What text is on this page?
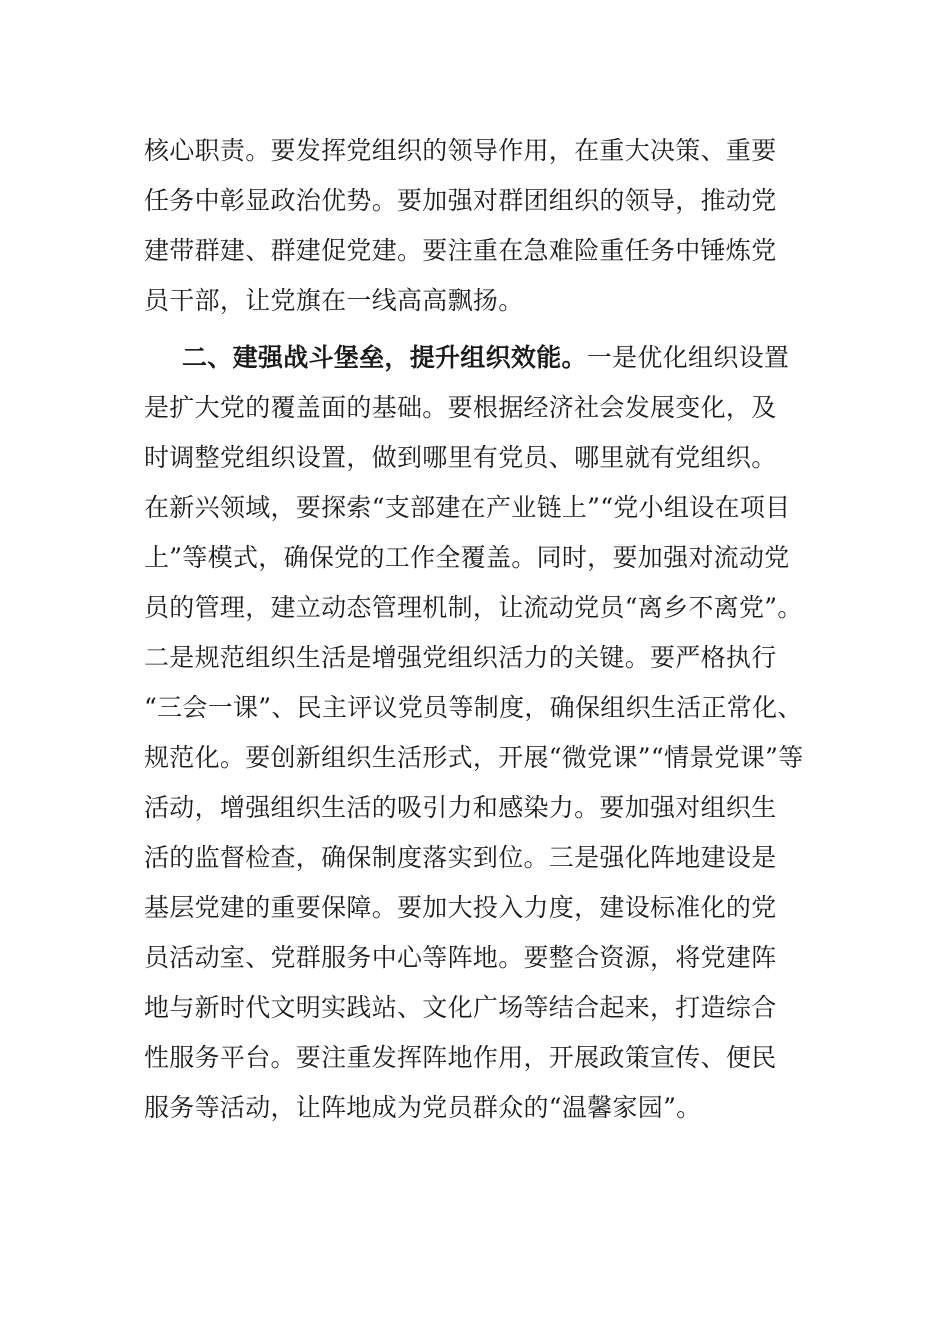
核心职责。要发挥党组织的领导作用，在重大决策、重要
任务中彰显政治优势。要加强对群团组织的领导，推动党
建带群建、群建促党建。要注重在急难险重任务中锤炼党
员干部，让党旗在一线高高飘扬。
二、建强战斗堡垒，提升组织效能。一是优化组织设置
是扩大党的覆盖面的基础。要根据经济社会发展变化，及
时调整党组织设置，做到哪里有党员、哪里就有党组织。
在新兴领域，要探索“支部建在产业链上”“党小组设在项目
上”等模式，确保党的工作全覆盖。同时，要加强对流动党
员的管理，建立动态管理机制，让流动党员“离乡不离党”。
二是规范组织生活是增强党组织活力的关键。要严格执行
“三会一课”、民主评议党员等制度，确保组织生活正常化、
规范化。要创新组织生活形式，开展“微党课”“情景党课”等
活动，增强组织生活的吸引力和感染力。要加强对组织生
活的监督检查，确保制度落实到位。三是强化阵地建设是
基层党建的重要保障。要加大投入力度，建设标准化的党
员活动室、党群服务中心等阵地。要整合资源，将党建阵
地与新时代文明实践站、文化广场等结合起来，打造综合
性服务平台。要注重发挥阵地作用，开展政策宣传、便民
服务等活动，让阵地成为党员群众的“温馨家园”。
